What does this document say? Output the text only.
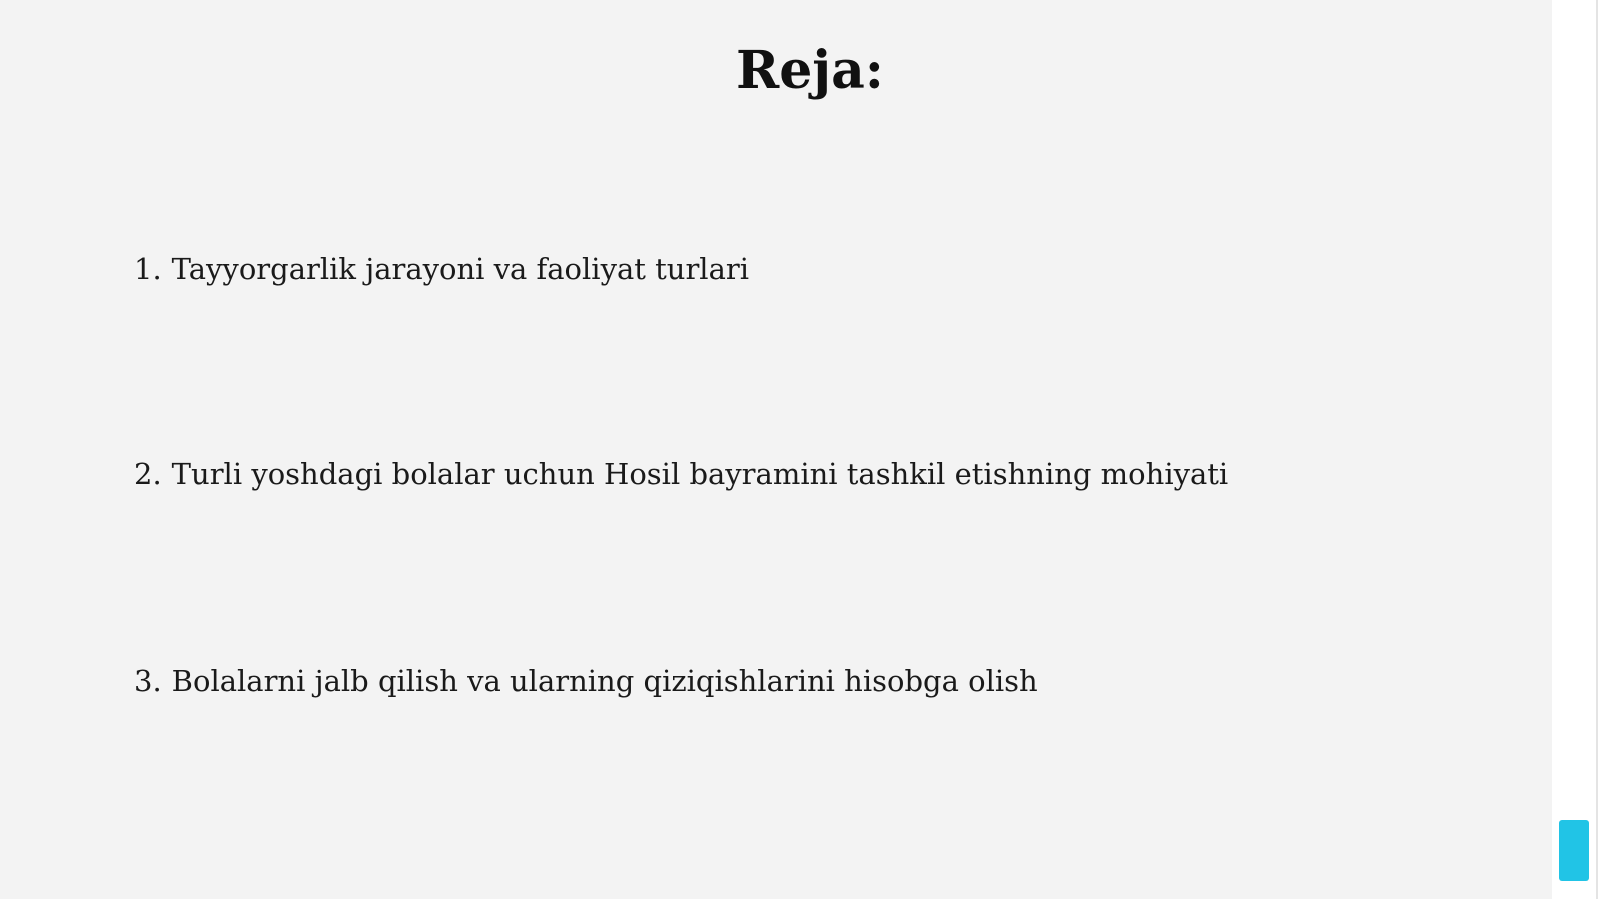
Reja:
1. Tayyorgarlik jarayoni va faoliyat turlari
2. Turli yoshdagi bolalar uchun Hosil bayramini tashkil etishning mohiyati
3. Bolalarni jalb qilish va ularning qiziqishlarini hisobga olish
